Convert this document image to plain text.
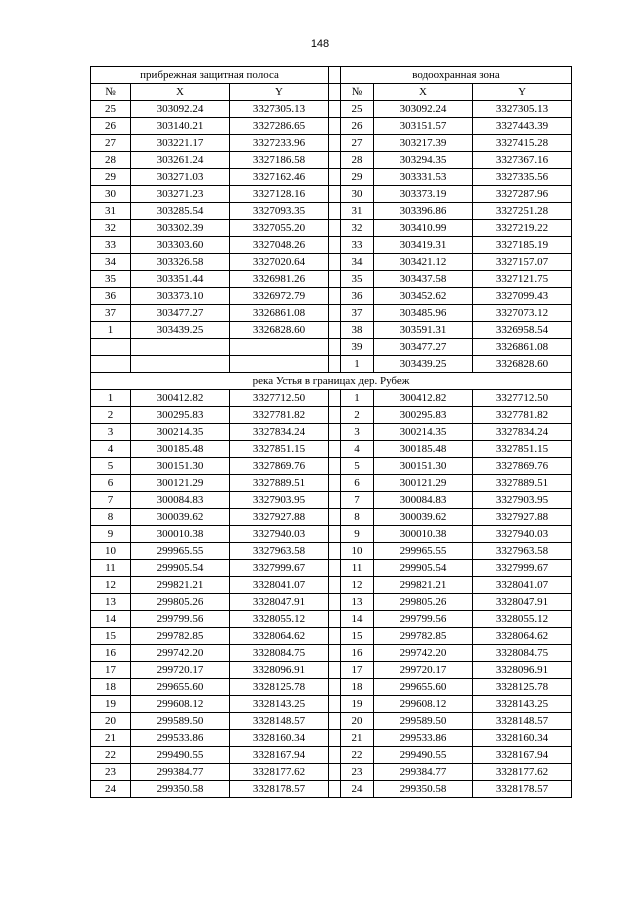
148
прибрежная защитная полоса				водоохранная зона		
№	X	Y		№	X	Y
25	303092.24	3327305.13		25	303092.24	3327305.13
26	303140.21	3327286.65		26	303151.57	3327443.39
27	303221.17	3327233.96		27	303217.39	3327415.28
28	303261.24	3327186.58		28	303294.35	3327367.16
29	303271.03	3327162.46		29	303331.53	3327335.56
30	303271.23	3327128.16		30	303373.19	3327287.96
31	303285.54	3327093.35		31	303396.86	3327251.28
32	303302.39	3327055.20		32	303410.99	3327219.22
33	303303.60	3327048.26		33	303419.31	3327185.19
34	303326.58	3327020.64		34	303421.12	3327157.07
35	303351.44	3326981.26		35	303437.58	3327121.75
36	303373.10	3326972.79		36	303452.62	3327099.43
37	303477.27	3326861.08		37	303485.96	3327073.12
1	303439.25	3326828.60		38	303591.31	3326958.54
				39	303477.27	3326861.08
				1	303439.25	3326828.60
река Устья в границах дер. Рубеж						
1	300412.82	3327712.50		1	300412.82	3327712.50
2	300295.83	3327781.82		2	300295.83	3327781.82
3	300214.35	3327834.24		3	300214.35	3327834.24
4	300185.48	3327851.15		4	300185.48	3327851.15
5	300151.30	3327869.76		5	300151.30	3327869.76
6	300121.29	3327889.51		6	300121.29	3327889.51
7	300084.83	3327903.95		7	300084.83	3327903.95
8	300039.62	3327927.88		8	300039.62	3327927.88
9	300010.38	3327940.03		9	300010.38	3327940.03
10	299965.55	3327963.58		10	299965.55	3327963.58
11	299905.54	3327999.67		11	299905.54	3327999.67
12	299821.21	3328041.07		12	299821.21	3328041.07
13	299805.26	3328047.91		13	299805.26	3328047.91
14	299799.56	3328055.12		14	299799.56	3328055.12
15	299782.85	3328064.62		15	299782.85	3328064.62
16	299742.20	3328084.75		16	299742.20	3328084.75
17	299720.17	3328096.91		17	299720.17	3328096.91
18	299655.60	3328125.78		18	299655.60	3328125.78
19	299608.12	3328143.25		19	299608.12	3328143.25
20	299589.50	3328148.57		20	299589.50	3328148.57
21	299533.86	3328160.34		21	299533.86	3328160.34
22	299490.55	3328167.94		22	299490.55	3328167.94
23	299384.77	3328177.62		23	299384.77	3328177.62
24	299350.58	3328178.57		24	299350.58	3328178.57
